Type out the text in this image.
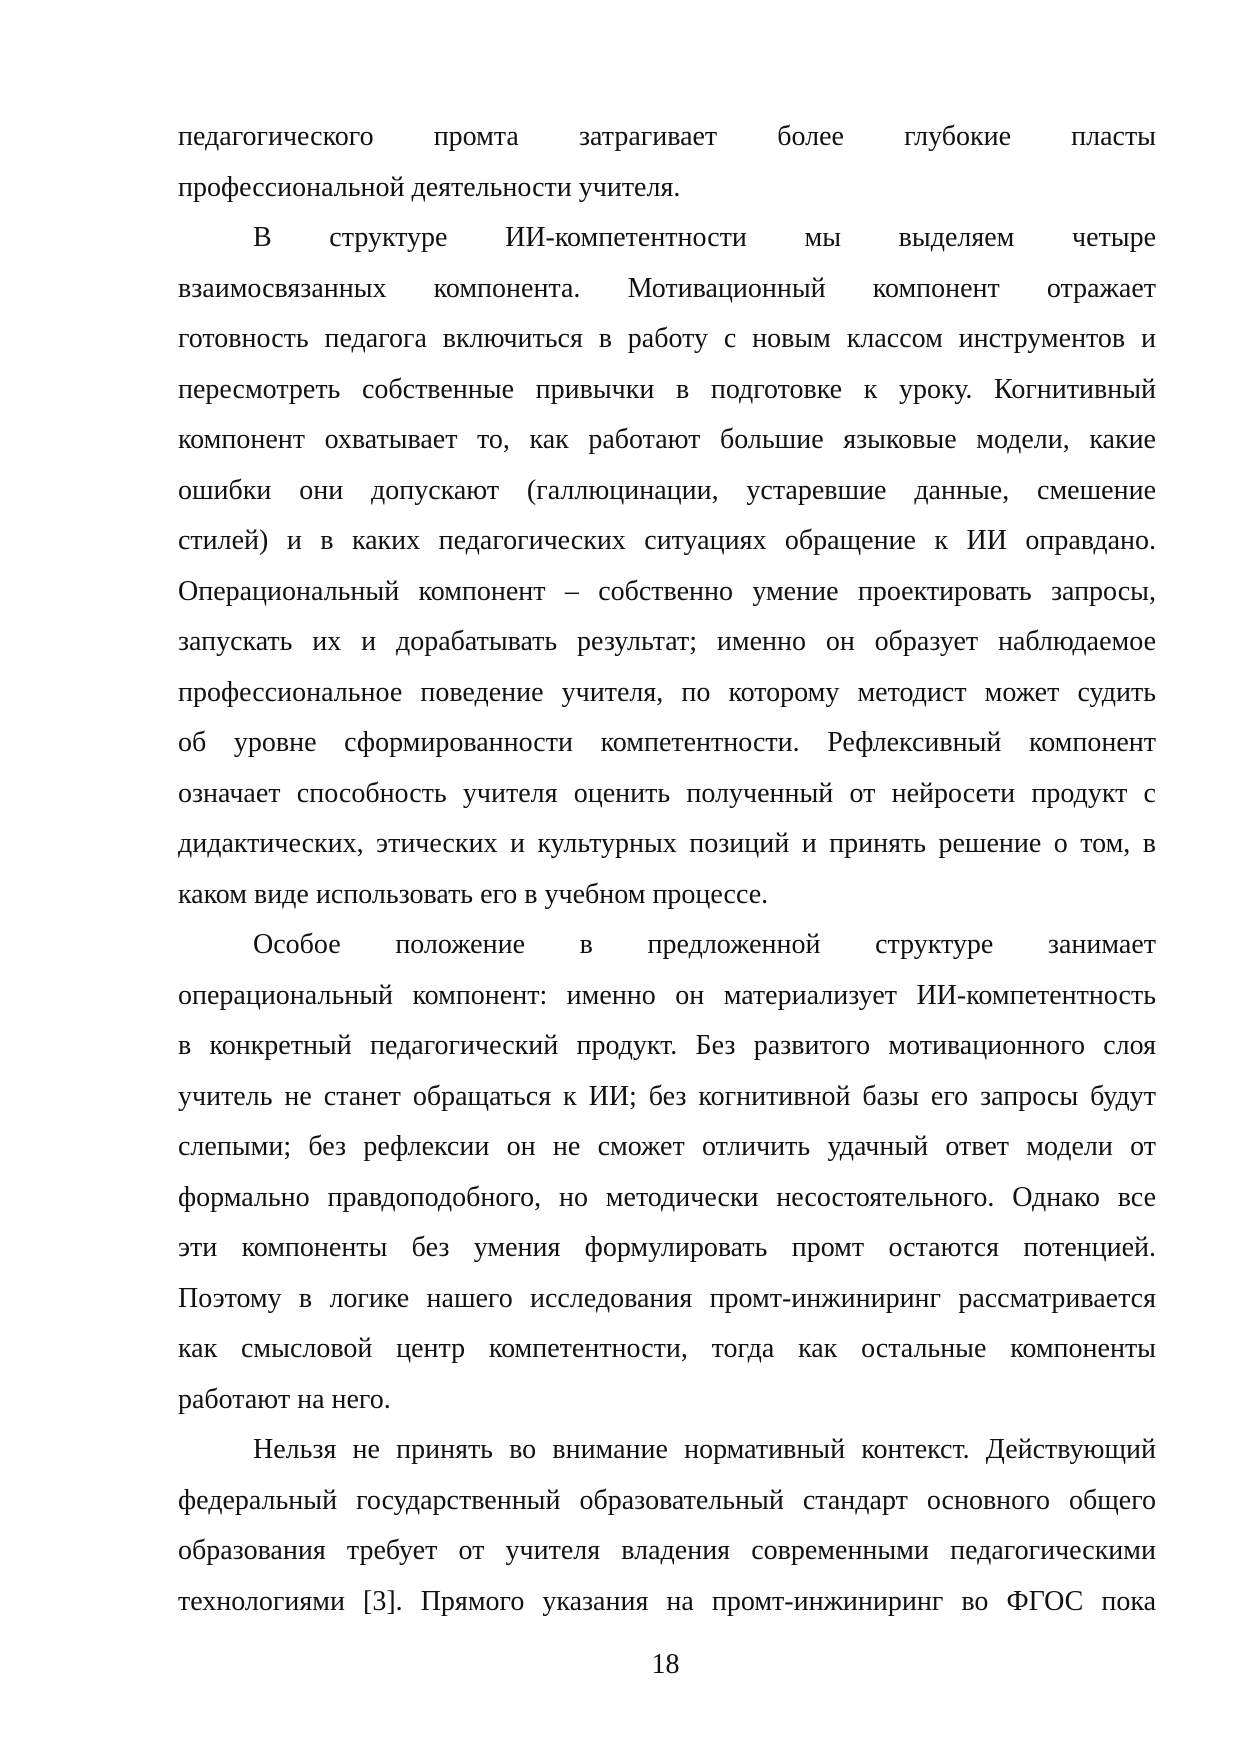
педагогического промта затрагивает более глубокие пласты
профессиональной деятельности учителя.
В структуре ИИ-компетентности мы выделяем четыре
взаимосвязанных компонента. Мотивационный компонент отражает
готовность педагога включиться в работу с новым классом инструментов и
пересмотреть собственные привычки в подготовке к уроку. Когнитивный
компонент охватывает то, как работают большие языковые модели, какие
ошибки они допускают (галлюцинации, устаревшие данные, смешение
стилей) и в каких педагогических ситуациях обращение к ИИ оправдано.
Операциональный компонент – собственно умение проектировать запросы,
запускать их и дорабатывать результат; именно он образует наблюдаемое
профессиональное поведение учителя, по которому методист может судить
об уровне сформированности компетентности. Рефлексивный компонент
означает способность учителя оценить полученный от нейросети продукт с
дидактических, этических и культурных позиций и принять решение о том, в
каком виде использовать его в учебном процессе.
Особое положение в предложенной структуре занимает
операциональный компонент: именно он материализует ИИ-компетентность
в конкретный педагогический продукт. Без развитого мотивационного слоя
учитель не станет обращаться к ИИ; без когнитивной базы его запросы будут
слепыми; без рефлексии он не сможет отличить удачный ответ модели от
формально правдоподобного, но методически несостоятельного. Однако все
эти компоненты без умения формулировать промт остаются потенцией.
Поэтому в логике нашего исследования промт-инжиниринг рассматривается
как смысловой центр компетентности, тогда как остальные компоненты
работают на него.
Нельзя не принять во внимание нормативный контекст. Действующий
федеральный государственный образовательный стандарт основного общего
образования требует от учителя владения современными педагогическими
технологиями [3]. Прямого указания на промт-инжиниринг во ФГОС пока
18
